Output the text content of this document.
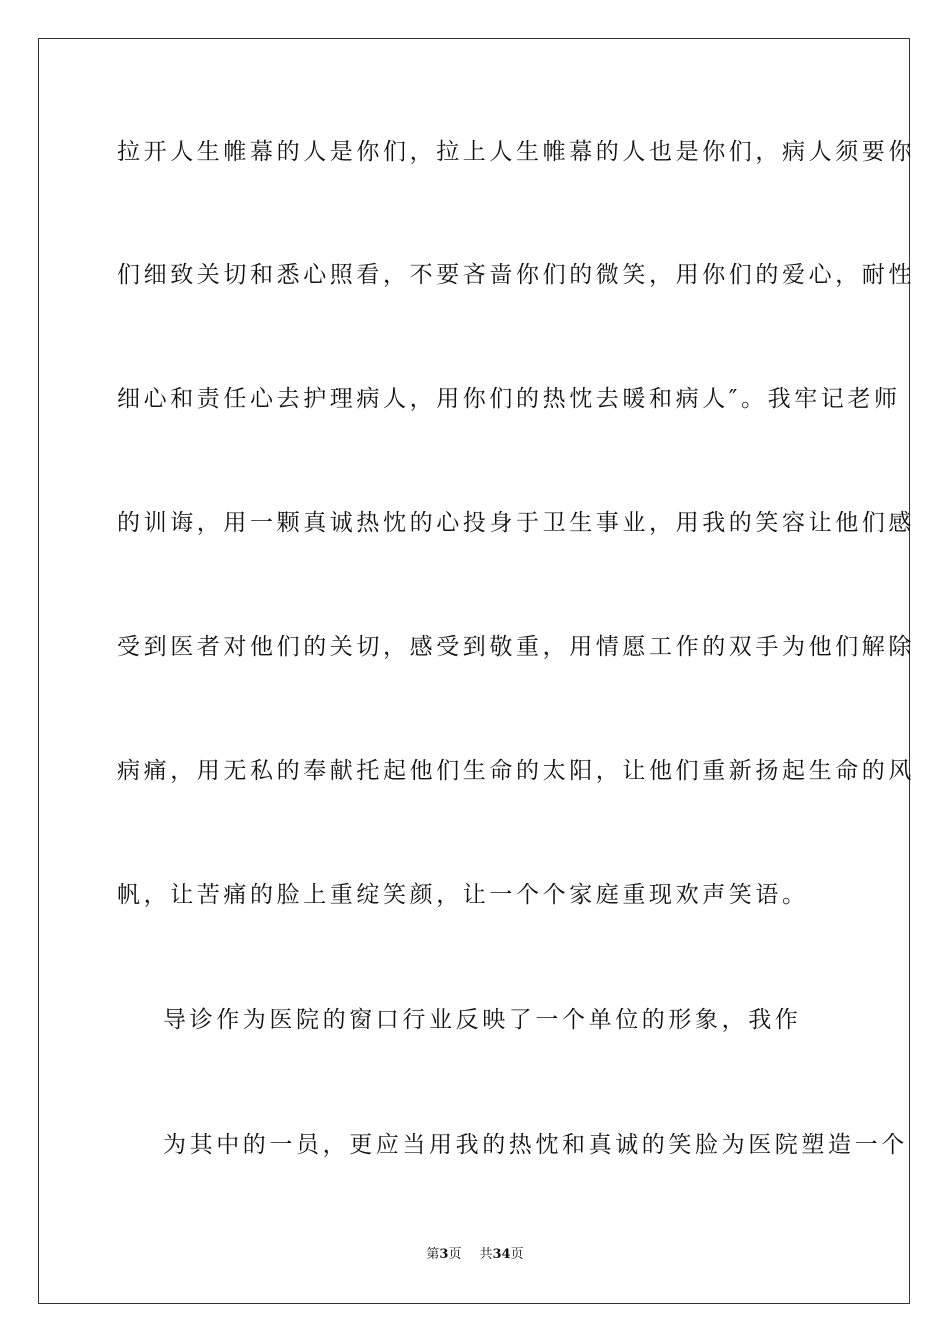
拉开人生帷幕的人是你们，拉上人生帷幕的人也是你们，病人须要你
们细致关切和悉心照看，不要吝啬你们的微笑，用你们的爱心，耐性
细心和责任心去护理病人，用你们的热忱去暖和病人″。我牢记老师
的训诲，用一颗真诚热忱的心投身于卫生事业，用我的笑容让他们感
受到医者对他们的关切，感受到敬重，用情愿工作的双手为他们解除
病痛，用无私的奉献托起他们生命的太阳，让他们重新扬起生命的风
帆，让苦痛的脸上重绽笑颜，让一个个家庭重现欢声笑语。
导诊作为医院的窗口行业反映了一个单位的形象，我作
为其中的一员，更应当用我的热忱和真诚的笑脸为医院塑造一个
第3页 共34页
